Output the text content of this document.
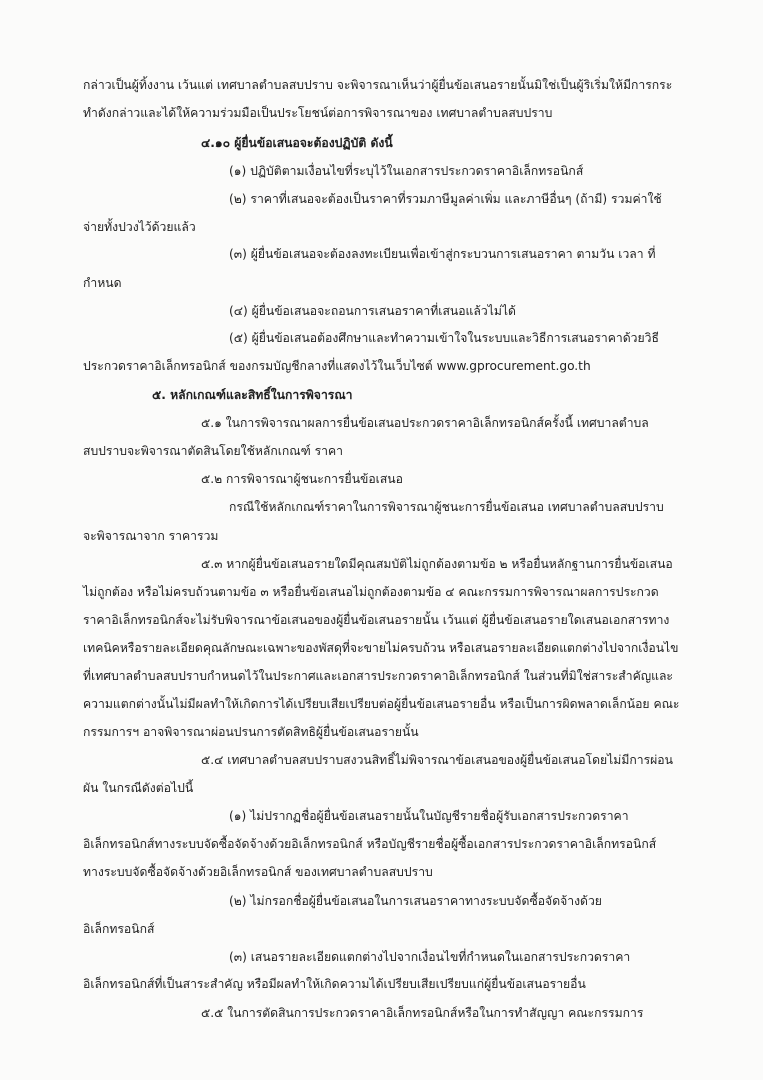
กล่าวเป็นผู้ทิ้งงาน เว้นแต่ เทศบาลตำบลสบปราบ จะพิจารณาเห็นว่าผู้ยื่นข้อเสนอรายนั้นมิใช่เป็นผู้ริเริ่มให้มีการกระ
ทำดังกล่าวและได้ให้ความร่วมมือเป็นประโยชน์ต่อการพิจารณาของ เทศบาลตำบลสบปราบ
๔.๑๐ ผู้ยื่นข้อเสนอจะต้องปฏิบัติ ดังนี้
(๑) ปฏิบัติตามเงื่อนไขที่ระบุไว้ในเอกสารประกวดราคาอิเล็กทรอนิกส์
(๒) ราคาที่เสนอจะต้องเป็นราคาที่รวมภาษีมูลค่าเพิ่ม และภาษีอื่นๆ (ถ้ามี) รวมค่าใช้
จ่ายทั้งปวงไว้ด้วยแล้ว
(๓) ผู้ยื่นข้อเสนอจะต้องลงทะเบียนเพื่อเข้าสู่กระบวนการเสนอราคา ตามวัน เวลา ที่
กำหนด
(๔) ผู้ยื่นข้อเสนอจะถอนการเสนอราคาที่เสนอแล้วไม่ได้
(๕) ผู้ยื่นข้อเสนอต้องศึกษาและทำความเข้าใจในระบบและวิธีการเสนอราคาด้วยวิธี
ประกวดราคาอิเล็กทรอนิกส์ ของกรมบัญชีกลางที่แสดงไว้ในเว็บไซต์ www.gprocurement.go.th
๕. หลักเกณฑ์และสิทธิ์ในการพิจารณา
๕.๑ ในการพิจารณาผลการยื่นข้อเสนอประกวดราคาอิเล็กทรอนิกส์ครั้งนี้ เทศบาลตำบล
สบปราบจะพิจารณาตัดสินโดยใช้หลักเกณฑ์ ราคา
๕.๒ การพิจารณาผู้ชนะการยื่นข้อเสนอ
กรณีใช้หลักเกณฑ์ราคาในการพิจารณาผู้ชนะการยื่นข้อเสนอ เทศบาลตำบลสบปราบ
จะพิจารณาจาก ราคารวม
๕.๓ หากผู้ยื่นข้อเสนอรายใดมีคุณสมบัติไม่ถูกต้องตามข้อ ๒ หรือยื่นหลักฐานการยื่นข้อเสนอ
ไม่ถูกต้อง หรือไม่ครบถ้วนตามข้อ ๓ หรือยื่นข้อเสนอไม่ถูกต้องตามข้อ ๔ คณะกรรมการพิจารณาผลการประกวด
ราคาอิเล็กทรอนิกส์จะไม่รับพิจารณาข้อเสนอของผู้ยื่นข้อเสนอรายนั้น เว้นแต่ ผู้ยื่นข้อเสนอรายใดเสนอเอกสารทาง
เทคนิคหรือรายละเอียดคุณลักษณะเฉพาะของพัสดุที่จะขายไม่ครบถ้วน หรือเสนอรายละเอียดแตกต่างไปจากเงื่อนไข
ที่เทศบาลตำบลสบปราบกำหนดไว้ในประกาศและเอกสารประกวดราคาอิเล็กทรอนิกส์ ในส่วนที่มิใช่สาระสำคัญและ
ความแตกต่างนั้นไม่มีผลทำให้เกิดการได้เปรียบเสียเปรียบต่อผู้ยื่นข้อเสนอรายอื่น หรือเป็นการผิดพลาดเล็กน้อย คณะ
กรรมการฯ อาจพิจารณาผ่อนปรนการตัดสิทธิผู้ยื่นข้อเสนอรายนั้น
๕.๔ เทศบาลตำบลสบปราบสงวนสิทธิ์ไม่พิจารณาข้อเสนอของผู้ยื่นข้อเสนอโดยไม่มีการผ่อน
ผัน ในกรณีดังต่อไปนี้
(๑) ไม่ปรากฏชื่อผู้ยื่นข้อเสนอรายนั้นในบัญชีรายชื่อผู้รับเอกสารประกวดราคา
อิเล็กทรอนิกส์ทางระบบจัดซื้อจัดจ้างด้วยอิเล็กทรอนิกส์ หรือบัญชีรายชื่อผู้ซื้อเอกสารประกวดราคาอิเล็กทรอนิกส์
ทางระบบจัดซื้อจัดจ้างด้วยอิเล็กทรอนิกส์ ของเทศบาลตำบลสบปราบ
(๒) ไม่กรอกชื่อผู้ยื่นข้อเสนอในการเสนอราคาทางระบบจัดซื้อจัดจ้างด้วย
อิเล็กทรอนิกส์
(๓) เสนอรายละเอียดแตกต่างไปจากเงื่อนไขที่กำหนดในเอกสารประกวดราคา
อิเล็กทรอนิกส์ที่เป็นสาระสำคัญ หรือมีผลทำให้เกิดความได้เปรียบเสียเปรียบแก่ผู้ยื่นข้อเสนอรายอื่น
๕.๕ ในการตัดสินการประกวดราคาอิเล็กทรอนิกส์หรือในการทำสัญญา คณะกรรมการ
